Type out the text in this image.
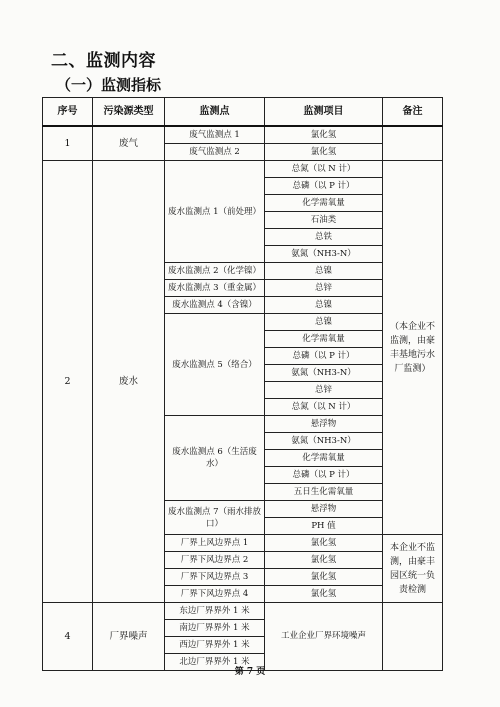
二、监测内容
（一）监测指标
序号	污染源类型	监测点	监测项目	备注
1	废气	废气监测点 1	氯化氢	
		废气监测点 2	氯化氢	
2	废水	废水监测点 1（前处理）	总氮（以 N 计）	（本企业不监测，由豪丰基地污水厂监测）
			总磷（以 P 计）	
			化学需氧量	
			石油类	
			总铁	
			氨氮（NH3-N）	
		废水监测点 2（化学镍）	总镍	
		废水监测点 3（重金属）	总锌	
		废水监测点 4（含镍）	总镍	
		废水监测点 5（络合）	总镍	
			化学需氧量	
			总磷（以 P 计）	
			氨氮（NH3-N）	
			总锌	
			总氮（以 N 计）	
		废水监测点 6（生活废水）	悬浮物	
			氨氮（NH3-N）	
			化学需氧量	
			总磷（以 P 计）	
			五日生化需氧量	
		废水监测点 7（雨水排放口）	悬浮物	
			PH 值	
		厂界上风边界点 1	氯化氢	本企业不监测，由豪丰园区统一负责检测
		厂界下风边界点 2	氯化氢	
		厂界下风边界点 3	氯化氢	
		厂界下风边界点 4	氯化氢	
4	厂界噪声	东边厂界界外 1 米	工业企业厂界环境噪声	
		南边厂界界外 1 米		
		西边厂界界外 1 米		
		北边厂界界外 1 米		
第 7 页
